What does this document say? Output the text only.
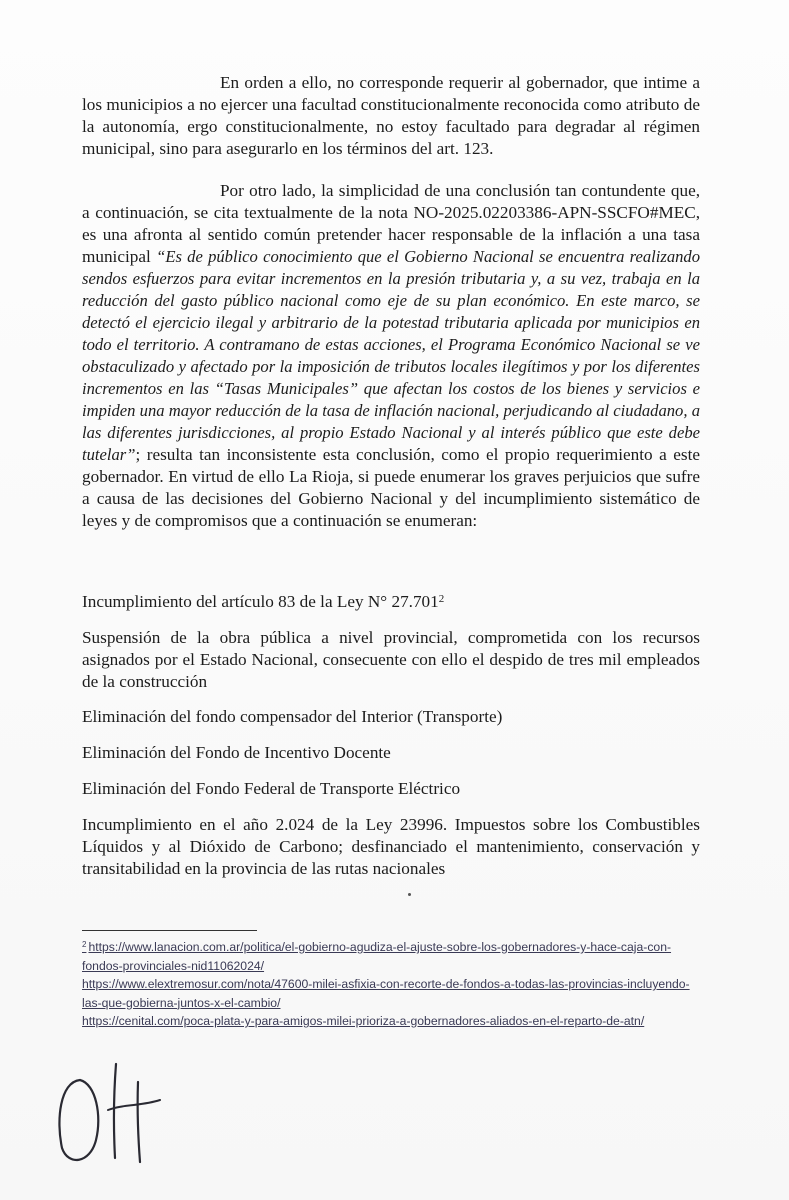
En orden a ello, no corresponde requerir al gobernador, que intime a los municipios a no ejercer una facultad constitucionalmente reconocida como atributo de la autonomía, ergo constitucionalmente, no estoy facultado para degradar al régimen municipal, sino para asegurarlo en los términos del art. 123.

Por otro lado, la simplicidad de una conclusión tan contundente que, a continuación, se cita textualmente de la nota NO-2025.02203386-APN-SSCFO#MEC, es una afronta al sentido común pretender hacer responsable de la inflación a una tasa municipal “Es de público conocimiento que el Gobierno Nacional se encuentra realizando sendos esfuerzos para evitar incrementos en la presión tributaria y, a su vez, trabaja en la reducción del gasto público nacional como eje de su plan económico. En este marco, se detectó el ejercicio ilegal y arbitrario de la potestad tributaria aplicada por municipios en todo el territorio. A contramano de estas acciones, el Programa Económico Nacional se ve obstaculizado y afectado por la imposición de tributos locales ilegítimos y por los diferentes incrementos en las “Tasas Municipales” que afectan los costos de los bienes y servicios e impiden una mayor reducción de la tasa de inflación nacional, perjudicando al ciudadano, a las diferentes jurisdicciones, al propio Estado Nacional y al interés público que este debe tutelar”; resulta tan inconsistente esta conclusión, como el propio requerimiento a este gobernador. En virtud de ello La Rioja, si puede enumerar los graves perjuicios que sufre a causa de las decisiones del Gobierno Nacional y del incumplimiento sistemático de leyes y de compromisos que a continuación se enumeran:

Incumplimiento del artículo 83 de la Ley N° 27.701$^2$
Suspensión de la obra pública a nivel provincial, comprometida con los recursos asignados por el Estado Nacional, consecuente con ello el despido de tres mil empleados de la construcción
Eliminación del fondo compensador del Interior (Transporte)
Eliminación del Fondo de Incentivo Docente
Eliminación del Fondo Federal de Transporte Eléctrico
Incumplimiento en el año 2.024 de la Ley 23996. Impuestos sobre los Combustibles Líquidos y al Dióxido de Carbono; desfinanciado el mantenimiento, conservación y transitabilidad en la provincia de las rutas nacionales
$^2$ https://www.lanacion.com.ar/politica/el-gobierno-agudiza-el-ajuste-sobre-los-gobernadores-y-hace-caja-con-fondos-provinciales-nid11062024/
https://www.elextremosur.com/nota/47600-milei-asfixia-con-recorte-de-fondos-a-todas-las-provincias-incluyendo-las-que-gobierna-juntos-x-el-cambio/
https://cenital.com/poca-plata-y-para-amigos-milei-prioriza-a-gobernadores-aliados-en-el-reparto-de-atn/
